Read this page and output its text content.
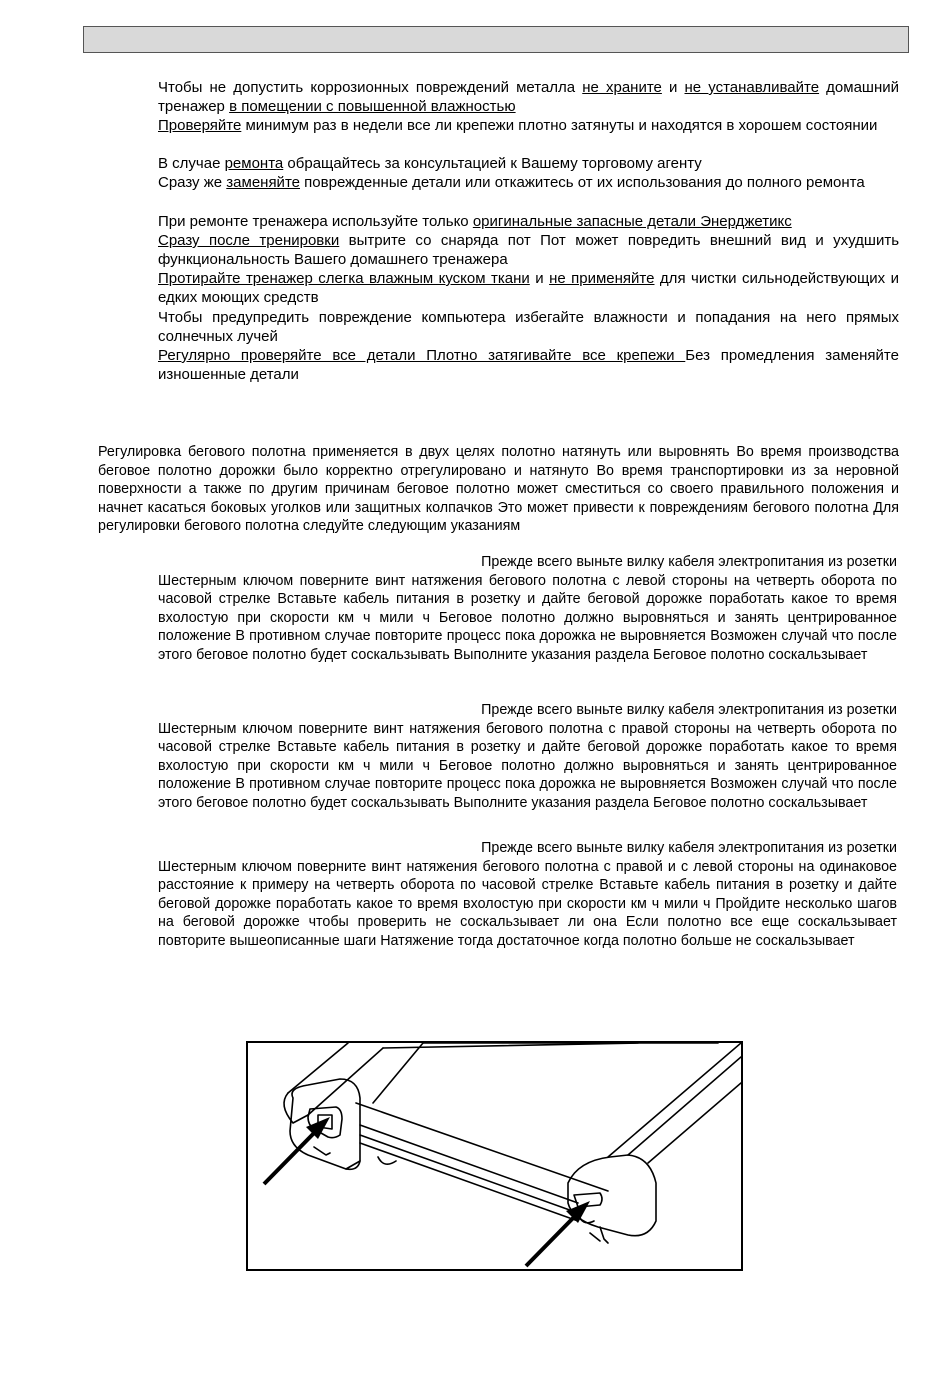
Чтобы не допустить коррозионных повреждений металла не храните и не устанавливайте домашний тренажер в помещении с повышенной влажностью

Проверяйте минимум раз в недели все ли крепежи плотно затянуты и находятся в хорошем состоянии

В случае ремонта обращайтесь за консультацией к Вашему торговому агенту

Сразу же заменяйте поврежденные детали или откажитесь от их использования до полного ремонта

При ремонте тренажера используйте только оригинальные запасные детали Энерджетикс

Сразу после тренировки вытрите со снаряда пот Пот может повредить внешний вид и ухудшить функциональность Вашего домашнего тренажера

Протирайте тренажер слегка влажным куском ткани и не применяйте для чистки сильнодействующих и едких моющих средств

Чтобы предупредить повреждение компьютера избегайте влажности и попадания на него прямых солнечных лучей

Регулярно проверяйте все детали Плотно затягивайте все крепежи Без промедления заменяйте изношенные детали

Регулировка бегового полотна применяется в двух целях полотно натянуть или выровнять Во время производства беговое полотно дорожки было корректно отрегулировано и натянуто Во время транспортировки из за неровной поверхности а также по другим причинам беговое полотно может сместиться со своего правильного положения и начнет касаться боковых уголков или защитных колпачков Это может привести к повреждениям бегового полотна Для регулировки бегового полотна следуйте следующим указаниям

Прежде всего выньте вилку кабеля электропитания из розетки

Шестерным ключом поверните винт натяжения бегового полотна с левой стороны на четверть оборота по часовой стрелке Вставьте кабель питания в розетку и дайте беговой дорожке поработать какое то время вхолостую при скорости км ч мили ч Беговое полотно должно выровняться и занять центрированное положение В противном случае повторите процесс пока дорожка не выровняется Возможен случай что после этого беговое полотно будет соскальзывать Выполните указания раздела Беговое полотно соскальзывает

Прежде всего выньте вилку кабеля электропитания из розетки

Шестерным ключом поверните винт натяжения бегового полотна с правой стороны на четверть оборота по часовой стрелке Вставьте кабель питания в розетку и дайте беговой дорожке поработать какое то время вхолостую при скорости км ч мили ч Беговое полотно должно выровняться и занять центрированное положение В противном случае повторите процесс пока дорожка не выровняется Возможен случай что после этого беговое полотно будет соскальзывать Выполните указания раздела Беговое полотно соскальзывает

Прежде всего выньте вилку кабеля электропитания из розетки

Шестерным ключом поверните винт натяжения бегового полотна с правой и с левой стороны на одинаковое расстояние к примеру на четверть оборота по часовой стрелке Вставьте кабель питания в розетку и дайте беговой дорожке поработать какое то время вхолостую при скорости км ч мили ч Пройдите несколько шагов на беговой дорожке чтобы проверить не соскальзывает ли она Если полотно все еще соскальзывает повторите вышеописанные шаги Натяжение тогда достаточное когда полотно больше не соскальзывает
